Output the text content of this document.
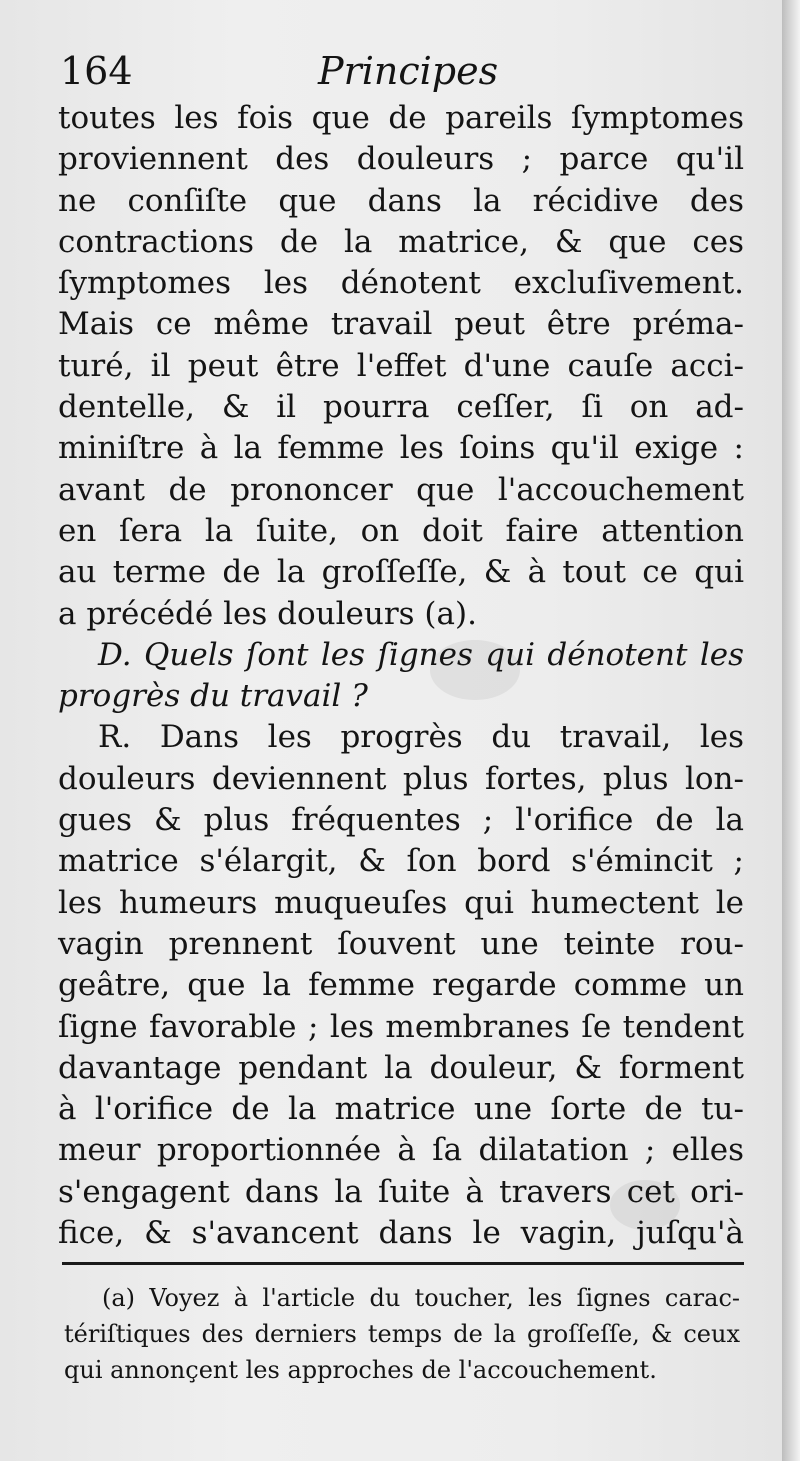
164	Principes
toutes les fois que de pareils ſymptomes
proviennent des douleurs ; parce qu'il
ne conſiſte que dans la récidive des
contractions de la matrice, & que ces
ſymptomes les dénotent excluſivement.
Mais ce même travail peut être préma-
turé, il peut être l'effet d'une cauſe acci-
dentelle, & il pourra ceſſer, ſi on ad-
miniſtre à la femme les ſoins qu'il exige :
avant de prononcer que l'accouchement
en ſera la ſuite, on doit faire attention
au terme de la groſſeſſe, & à tout ce qui
a précédé les douleurs (a).
D. Quels ſont les ſignes qui dénotent les
progrès du travail ?
R. Dans les progrès du travail, les
douleurs deviennent plus fortes, plus lon-
gues & plus fréquentes ; l'orifice de la
matrice s'élargit, & ſon bord s'émincit ;
les humeurs muqueuſes qui humectent le
vagin prennent ſouvent une teinte rou-
geâtre, que la femme regarde comme un
ſigne favorable ; les membranes ſe tendent
davantage pendant la douleur, & forment
à l'orifice de la matrice une ſorte de tu-
meur proportionnée à ſa dilatation ; elles
s'engagent dans la ſuite à travers cet ori-
fice, & s'avancent dans le vagin, juſqu'à
(a) Voyez à l'article du toucher, les ſignes carac-
tériſtiques des derniers temps de la groſſeſſe, & ceux
qui annonçent les approches de l'accouchement.
